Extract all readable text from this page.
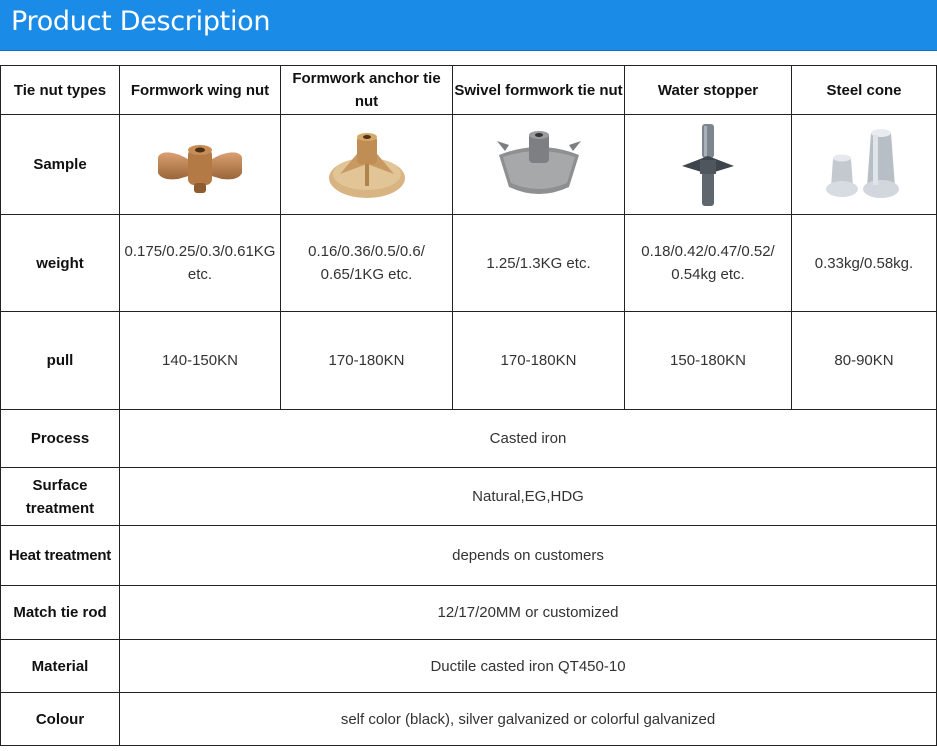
Product Description
Tie nut types	Formwork wing nut	Formwork anchor tie nut	Swivel formwork tie nut	Water stopper	Steel cone
Sample	

weight	0.175/0.25/0.3/0.61KG etc.	0.16/0.36/0.5/0.6/ 0.65/1KG etc.	1.25/1.3KG etc.	0.18/0.42/0.47/0.52/ 0.54kg etc.	0.33kg/0.58kg.
pull	140-150KN	170-180KN	170-180KN	150-180KN	80-90KN
Process	Casted iron				
Surface treatment	Natural,EG,HDG				
Heat treatment	depends on customers				
Match tie rod	12/17/20MM or customized				
Material	Ductile casted iron QT450-10				
Colour	self color (black), silver galvanized or colorful galvanized				
